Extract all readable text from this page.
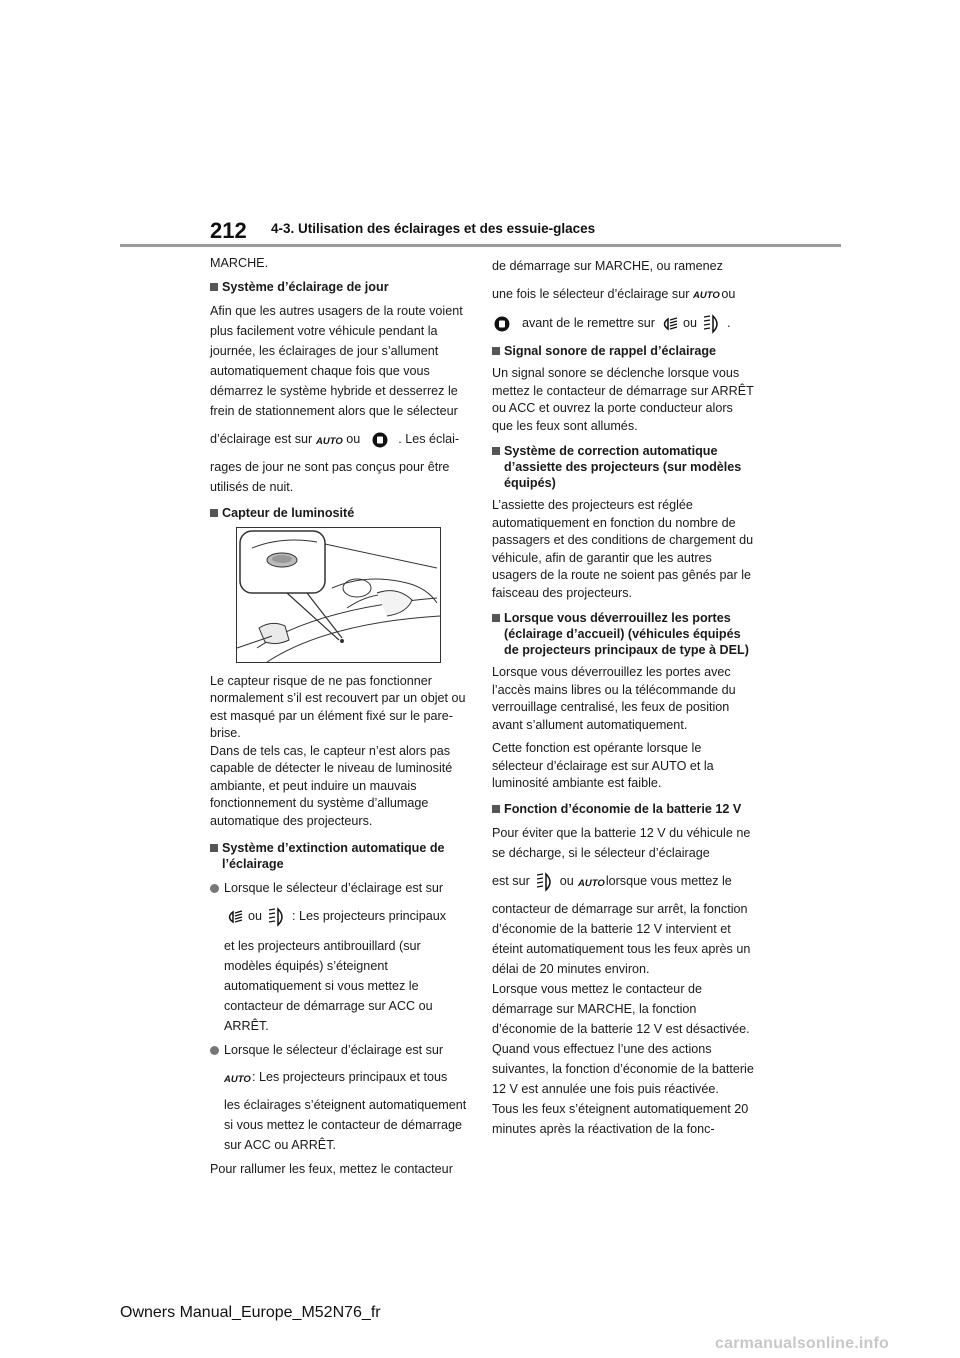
212 4-3. Utilisation des éclairages et des essuie-glaces

MARCHE.

Système d’éclairage de jour

Afin que les autres usagers de la route voient plus facilement votre véhicule pendant la journée, les éclairages de jour s’allument automatiquement chaque fois que vous démarrez le système hybride et desserrez le frein de stationnement alors que le sélecteur

d’éclairage est sur AUTO ou	. Les éclai-

rages de jour ne sont pas conçus pour être utilisés de nuit.

Capteur de luminosité

Le capteur risque de ne pas fonctionner normalement s’il est recouvert par un objet ou est masqué par un élément fixé sur le pare-brise.
Dans de tels cas, le capteur n’est alors pas capable de détecter le niveau de luminosité ambiante, et peut induire un mauvais fonctionnement du système d’allumage automatique des projecteurs.

Système d’extinction automatique de l’éclairage

Lorsque le sélecteur d’éclairage est sur

ou : Les projecteurs principaux

et les projecteurs antibrouillard (sur modèles équipés) s’éteignent automatiquement si vous mettez le contacteur de démarrage sur ACC ou ARRÊT.

Lorsque le sélecteur d’éclairage est sur

AUTO : Les projecteurs principaux et tous

les éclairages s’éteignent automatiquement si vous mettez le contacteur de démarrage sur ACC ou ARRÊT.

Pour rallumer les feux, mettez le contacteur

de démarrage sur MARCHE, ou ramenez

une fois le sélecteur d’éclairage sur AUTO ou

avant de le remettre sur ou .

Signal sonore de rappel d’éclairage

Un signal sonore se déclenche lorsque vous mettez le contacteur de démarrage sur ARRÊT ou ACC et ouvrez la porte conducteur alors que les feux sont allumés.

Système de correction automatique d’assiette des projecteurs (sur modèles équipés)

L’assiette des projecteurs est réglée automatiquement en fonction du nombre de passagers et des conditions de chargement du véhicule, afin de garantir que les autres usagers de la route ne soient pas gênés par le faisceau des projecteurs.

Lorsque vous déverrouillez les portes (éclairage d’accueil) (véhicules équipés de projecteurs principaux de type à DEL)

Lorsque vous déverrouillez les portes avec l’accès mains libres ou la télécommande du verrouillage centralisé, les feux de position avant s’allument automatiquement.

Cette fonction est opérante lorsque le sélecteur d’éclairage est sur AUTO et la luminosité ambiante est faible.

Fonction d’économie de la batterie 12 V

Pour éviter que la batterie 12 V du véhicule ne se décharge, si le sélecteur d’éclairage

est sur ou AUTO lorsque vous mettez le

contacteur de démarrage sur arrêt, la fonction d’économie de la batterie 12 V intervient et éteint automatiquement tous les feux après un délai de 20 minutes environ.
Lorsque vous mettez le contacteur de démarrage sur MARCHE, la fonction d’économie de la batterie 12 V est désactivée.
Quand vous effectuez l’une des actions suivantes, la fonction d’économie de la batterie 12 V est annulée une fois puis réactivée.
Tous les feux s’éteignent automatiquement 20 minutes après la réactivation de la fonc-

Owners Manual_Europe_M52N76_fr
carmanualsonline.info
